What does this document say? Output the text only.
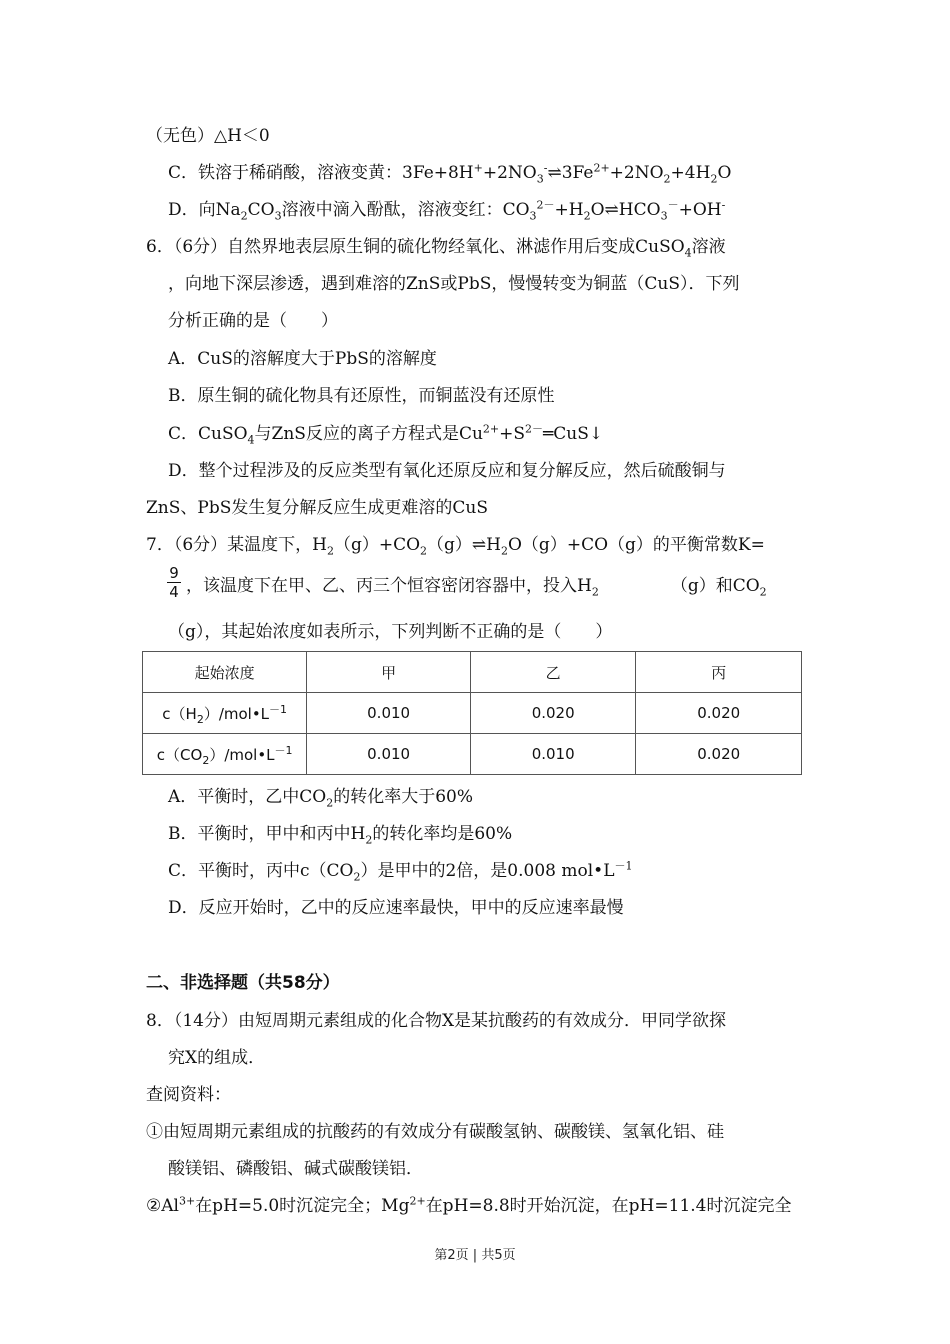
（无色）△H＜0
C．铁溶于稀硝酸，溶液变黄：$3Fe+8H^++2NO_3^-\rightleftharpoons 3Fe^{2+}+2NO_2+4H_2O$
D．向$Na_2CO_3$溶液中滴入酚酞，溶液变红：$CO_3^{2-}+H_2O\rightleftharpoons HCO_3^-+OH^-$
6．（6分）自然界地表层原生铜的硫化物经氧化、淋滤作用后变成CuSO$_4$溶液
，向地下深层渗透，遇到难溶的ZnS或PbS，慢慢转变为铜蓝（CuS）．下列
分析正确的是（　　）
A．CuS的溶解度大于PbS的溶解度
B．原生铜的硫化物具有还原性，而铜蓝没有还原性
C．CuSO$_4$与ZnS反应的离子方程式是$Cu^{2+}+S^{2-}═CuS↓$
D．整个过程涉及的反应类型有氧化还原反应和复分解反应，然后硫酸铜与
ZnS、PbS发生复分解反应生成更难溶的CuS
7．（6分）某温度下，$H_2(g)+CO_2(g)\rightleftharpoons H_2O(g)+CO(g)$的平衡常数K=
9
4 ，该温度下在甲、乙、丙三个恒容密闭容器中，投入$H_2$	（g）和$CO_2$
（g），其起始浓度如表所示，下列判断不正确的是（　　）
起始浓度	甲	乙	丙
$c(H_2)/mol•L^{-1}$	0.010	0.020	0.020
$c(CO_2)/mol•L^{-1}$	0.010	0.010	0.020
A．平衡时，乙中$CO_2$的转化率大于60%
B．平衡时，甲中和丙中$H_2$的转化率均是60%
C．平衡时，丙中$c(CO_2)$是甲中的2倍，是0.008 $mol•L^{-1}$
D．反应开始时，乙中的反应速率最快，甲中的反应速率最慢
二、非选择题（共58分）
8．（14分）由短周期元素组成的化合物X是某抗酸药的有效成分．甲同学欲探
究X的组成．
查阅资料：
①由短周期元素组成的抗酸药的有效成分有碳酸氢钠、碳酸镁、氢氧化铝、硅
酸镁铝、磷酸铝、碱式碳酸镁铝．
$②Al^{3+}$在pH=5.0时沉淀完全；$Mg^{2+}$在pH=8.8时开始沉淀，在pH=11.4时沉淀完全
第2页 | 共5页
